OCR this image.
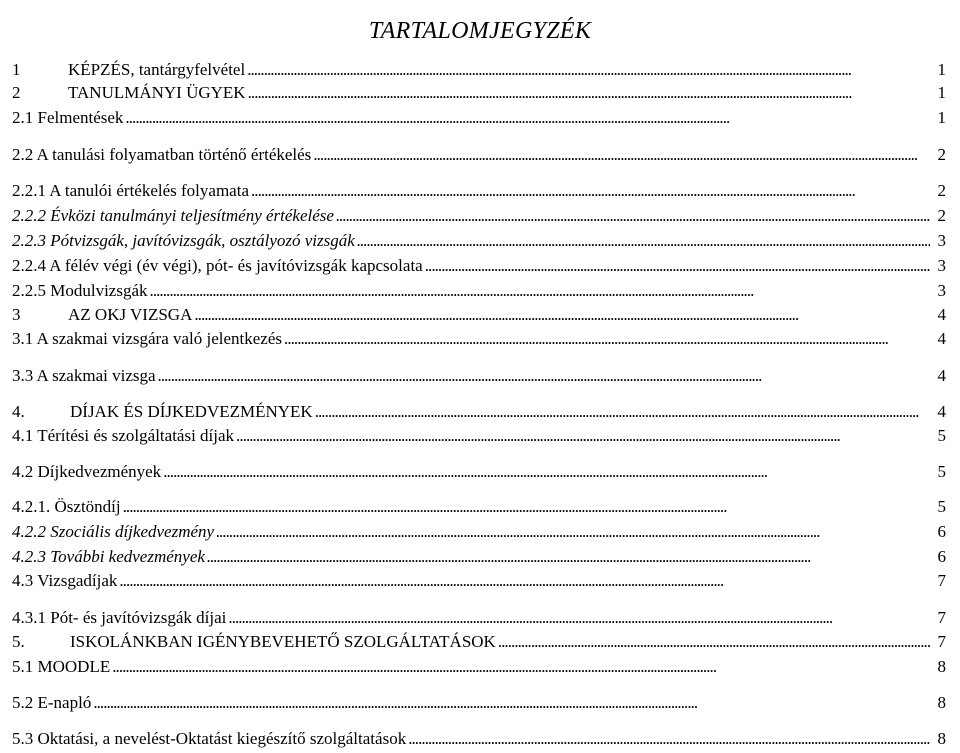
TARTALOMJEGYZÉK
1	KÉPZÉS, tantárgyfelvétel . . .	1
2	TANULMÁNYI ÜGYEK . . .	1
2.1 Felmentések . . .	1
2.2 A tanulási folyamatban történő értékelés . . .	2
2.2.1 A tanulói értékelés folyamata . . .	2
2.2.2 Évközi tanulmányi teljesítmény értékelése . . .	2
2.2.3 Pótvizsgák, javítóvizsgák, osztályozó vizsgák . . .	3
2.2.4 A félév végi (év végi), pót- és javítóvizsgák kapcsolata . . .	3
2.2.5 Modulvizsgák . . .	3
3	AZ OKJ VIZSGA . . .	4
3.1 A szakmai vizsgára való jelentkezés . . .	4
3.3 A szakmai vizsga . . .	4
4.	DÍJAK ÉS DÍJKEDVEZMÉNYEK . . .	4
4.1 Térítési és szolgáltatási díjak . . .	5
4.2 Díjkedvezmények . . .	5
4.2.1. Ösztöndíj . . .	5
4.2.2 Szociális díjkedvezmény . . .	6
4.2.3 További kedvezmények . . .	6
4.3 Vizsgadíjak . . .	7
4.3.1 Pót- és javítóvizsgák díjai . . .	7
5.	ISKOLÁNKBAN IGÉNYBEVEHETŐ SZOLGÁLTATÁSOK . . .	7
5.1 MOODLE . . .	8
5.2 E-napló . . .	8
5.3 Oktatási, a nevelést-Oktatást kiegészítő szolgáltatások . . .	8
